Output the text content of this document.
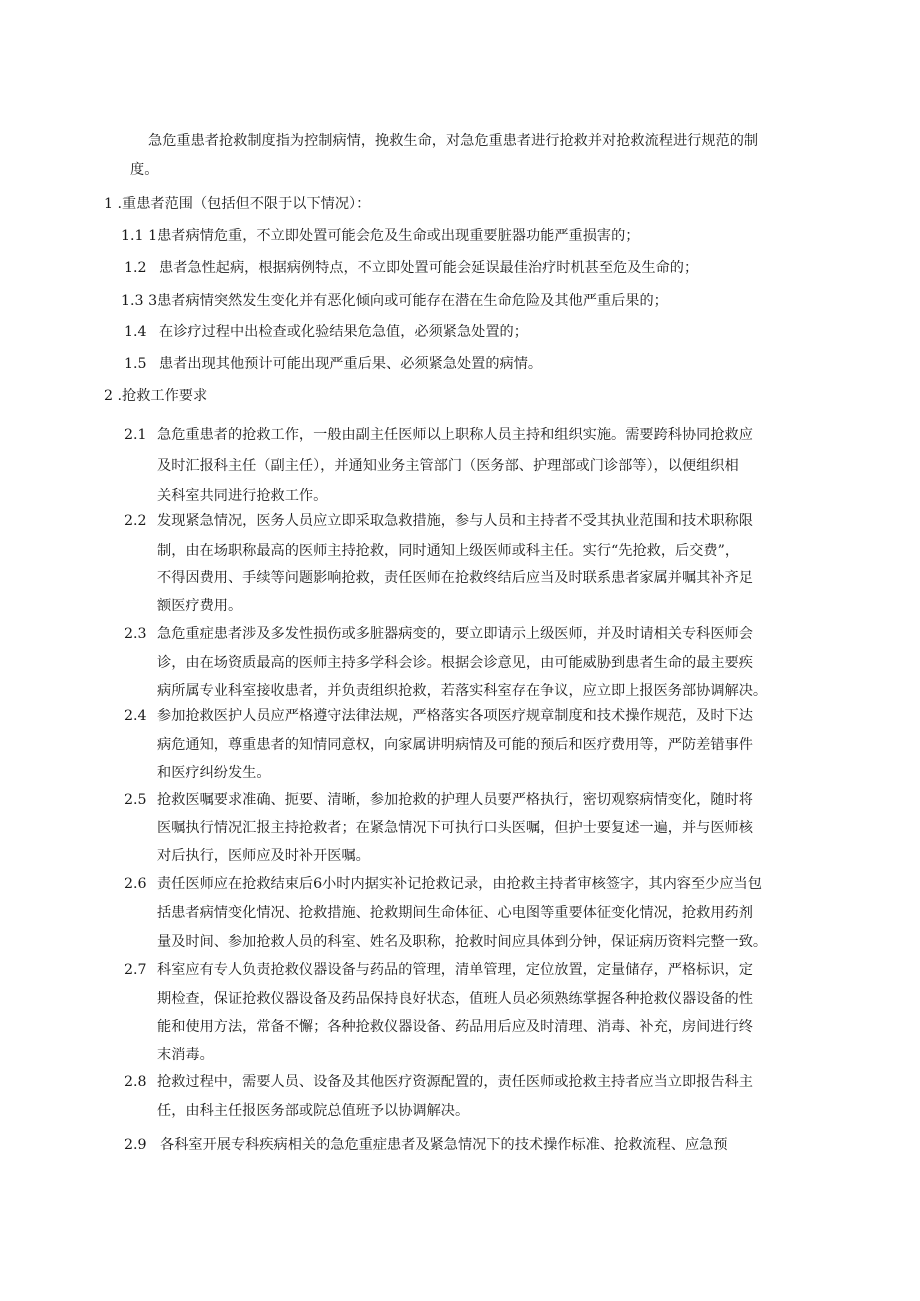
急危重患者抢救制度指为控制病情，挽救生命，对急危重患者进行抢救并对抢救流程进行规范的制

度。

1 .重患者范围（包括但不限于以下情况）：

1.1 1患者病情危重，不立即处置可能会危及生命或出现重要脏器功能严重损害的；

1.2 患者急性起病，根据病例特点，不立即处置可能会延误最佳治疗时机甚至危及生命的；

1.3 3患者病情突然发生变化并有恶化倾向或可能存在潜在生命危险及其他严重后果的；

1.4 在诊疗过程中出检查或化验结果危急值，必须紧急处置的；
1.5 患者出现其他预计可能出现严重后果、必须紧急处置的病情。

2 .抢救工作要求

2.1 急危重患者的抢救工作，一般由副主任医师以上职称人员主持和组织实施。需要跨科协同抢救应
及时汇报科主任（副主任），并通知业务主管部门（医务部、护理部或门诊部等），以便组织相
关科室共同进行抢救工作。
2.2 发现紧急情况，医务人员应立即采取急救措施，参与人员和主持者不受其执业范围和技术职称限
制，由在场职称最高的医师主持抢救，同时通知上级医师或科主任。实行“先抢救，后交费”，
不得因费用、手续等问题影响抢救，责任医师在抢救终结后应当及时联系患者家属并嘱其补齐足
额医疗费用。
2.3 急危重症患者涉及多发性损伤或多脏器病变的，要立即请示上级医师，并及时请相关专科医师会
诊，由在场资质最高的医师主持多学科会诊。根据会诊意见，由可能威胁到患者生命的最主要疾
病所属专业科室接收患者，并负责组织抢救，若落实科室存在争议，应立即上报医务部协调解决。
2.4 参加抢救医护人员应严格遵守法律法规，严格落实各项医疗规章制度和技术操作规范，及时下达
病危通知，尊重患者的知情同意权，向家属讲明病情及可能的预后和医疗费用等，严防差错事件
和医疗纠纷发生。
2.5 抢救医嘱要求准确、扼要、清晰，参加抢救的护理人员要严格执行，密切观察病情变化，随时将
医嘱执行情况汇报主持抢救者；在紧急情况下可执行口头医嘱，但护士要复述一遍，并与医师核
对后执行，医师应及时补开医嘱。
2.6 责任医师应在抢救结束后6小时内据实补记抢救记录，由抢救主持者审核签字，其内容至少应当包
括患者病情变化情况、抢救措施、抢救期间生命体征、心电图等重要体征变化情况，抢救用药剂
量及时间、参加抢救人员的科室、姓名及职称，抢救时间应具体到分钟，保证病历资料完整一致。
2.7 科室应有专人负责抢救仪器设备与药品的管理，清单管理，定位放置，定量储存，严格标识，定
期检查，保证抢救仪器设备及药品保持良好状态，值班人员必须熟练掌握各种抢救仪器设备的性
能和使用方法，常备不懈；各种抢救仪器设备、药品用后应及时清理、消毒、补充，房间进行终
末消毒。
2.8 抢救过程中，需要人员、设备及其他医疗资源配置的，责任医师或抢救主持者应当立即报告科主
任，由科主任报医务部或院总值班予以协调解决。
2.9 各科室开展专科疾病相关的急危重症患者及紧急情况下的技术操作标准、抢救流程、应急预
